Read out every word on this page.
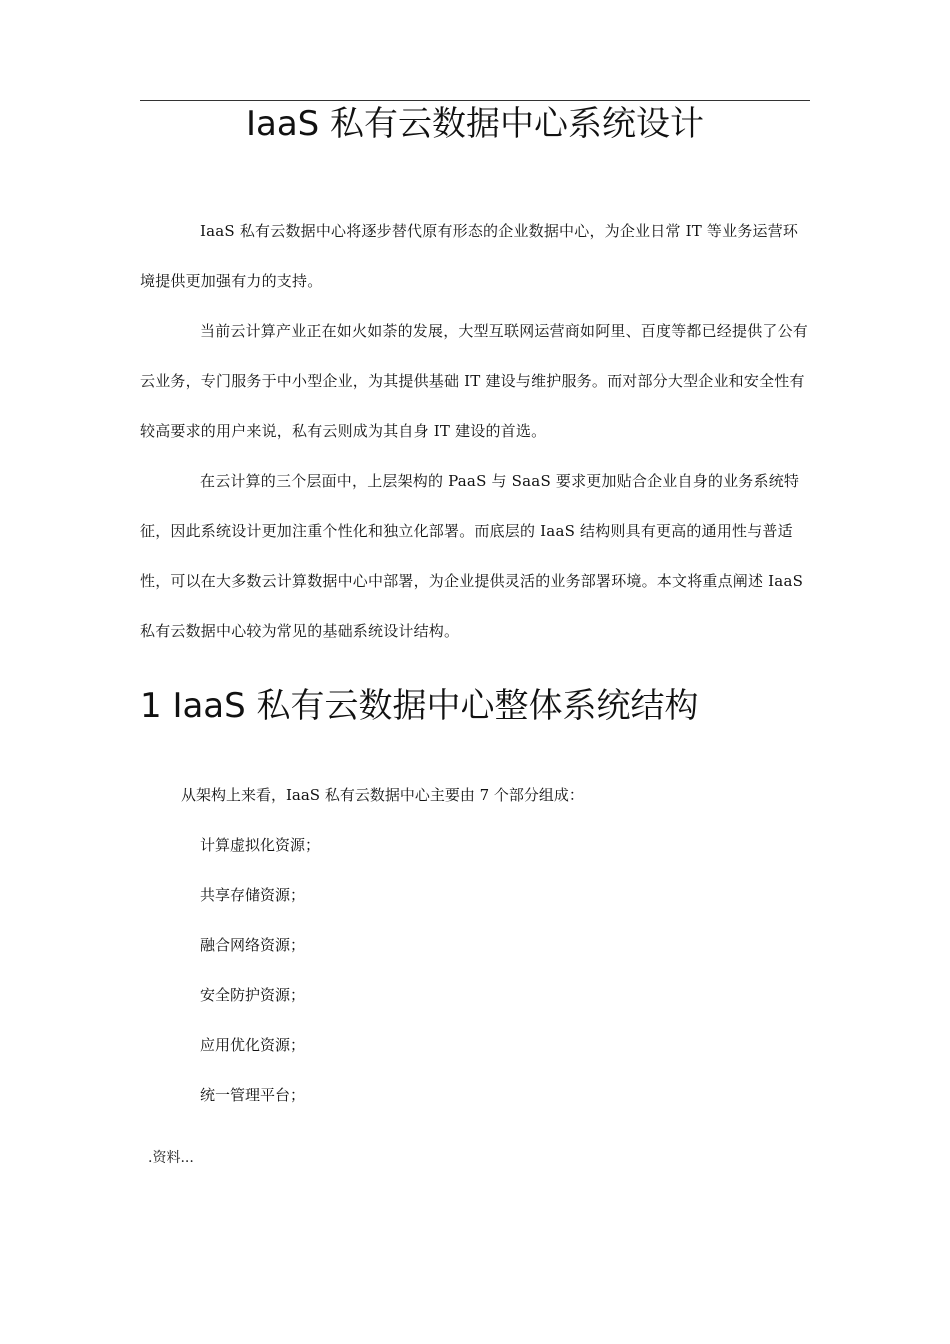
IaaS 私有云数据中心系统设计

IaaS 私有云数据中心将逐步替代原有形态的企业数据中心，为企业日常 IT 等业务运营环境提供更加强有力的支持。

当前云计算产业正在如火如荼的发展，大型互联网运营商如阿里、百度等都已经提供了公有云业务，专门服务于中小型企业，为其提供基础 IT 建设与维护服务。而对部分大型企业和安全性有较高要求的用户来说，私有云则成为其自身 IT 建设的首选。

在云计算的三个层面中，上层架构的 PaaS 与 SaaS 要求更加贴合企业自身的业务系统特征，因此系统设计更加注重个性化和独立化部署。而底层的 IaaS 结构则具有更高的通用性与普适性，可以在大多数云计算数据中心中部署，为企业提供灵活的业务部署环境。本文将重点阐述 IaaS 私有云数据中心较为常见的基础系统设计结构。

1 IaaS 私有云数据中心整体系统结构

从架构上来看，IaaS 私有云数据中心主要由 7 个部分组成：

计算虚拟化资源；
共享存储资源；
融合网络资源；
安全防护资源；
应用优化资源；
统一管理平台；
.资料...
